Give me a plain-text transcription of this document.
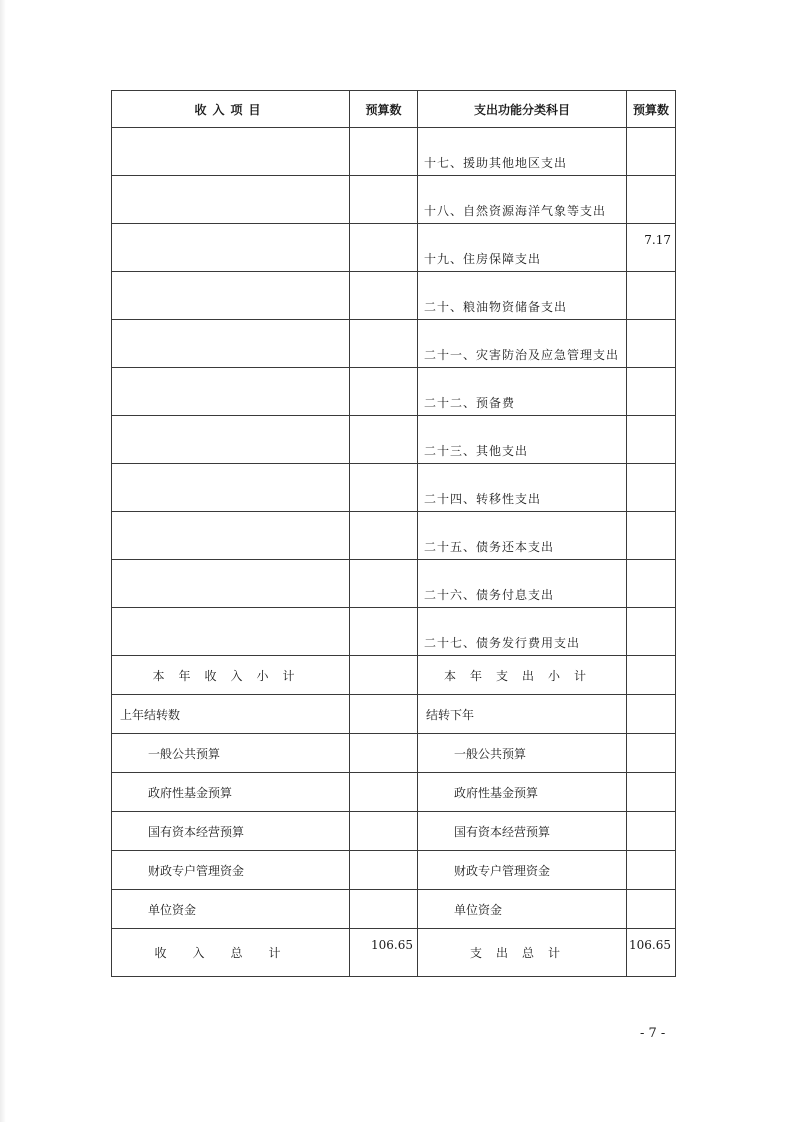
收入项目	预算数	支出功能分类科目	预算数
		十七、援助其他地区支出	
		十八、自然资源海洋气象等支出	
		十九、住房保障支出	7.17
		二十、粮油物资储备支出	
		二十一、灾害防治及应急管理支出	
		二十二、预备费	
		二十三、其他支出	
		二十四、转移性支出	
		二十五、债务还本支出	
		二十六、债务付息支出	
		二十七、债务发行费用支出	
本年收入小计		本年支出小计	
上年结转数		结转下年	
一般公共预算		一般公共预算	
政府性基金预算		政府性基金预算	
国有资本经营预算		国有资本经营预算	
财政专户管理资金		财政专户管理资金	
单位资金		单位资金	
收入总计	106.65	支出总计	106.65
- 7 -
